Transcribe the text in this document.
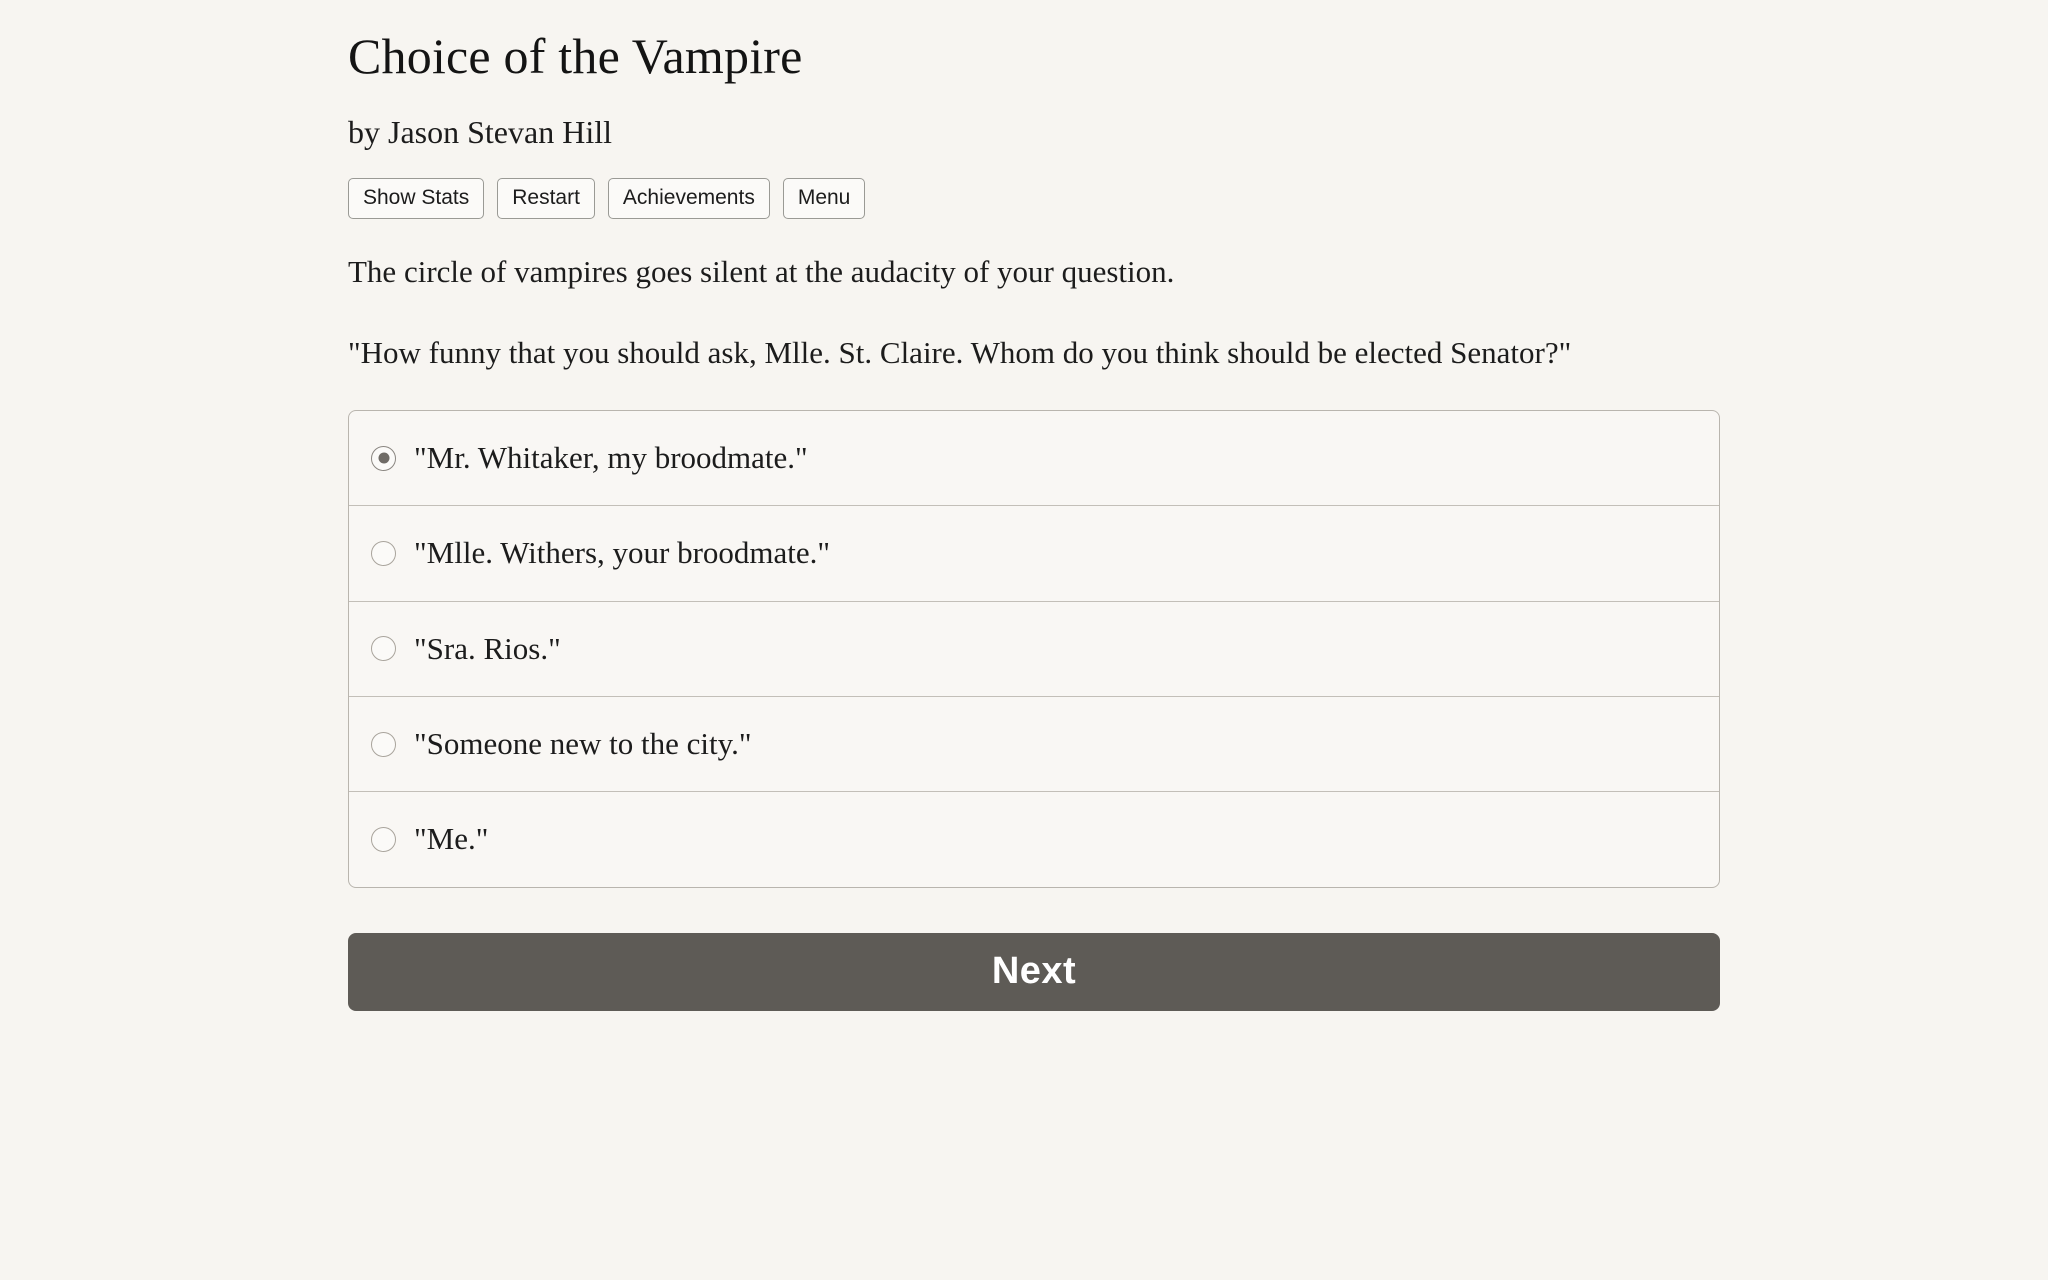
Choice of the Vampire
by Jason Stevan Hill
Show Stats	Restart	Achievements	Menu

The circle of vampires goes silent at the audacity of your question.

"How funny that you should ask, Mlle. St. Claire. Whom do you think should be elected Senator?"

"Mr. Whitaker, my broodmate."
"Mlle. Withers, your broodmate."
"Sra. Rios."
"Someone new to the city."
"Me."
Next
